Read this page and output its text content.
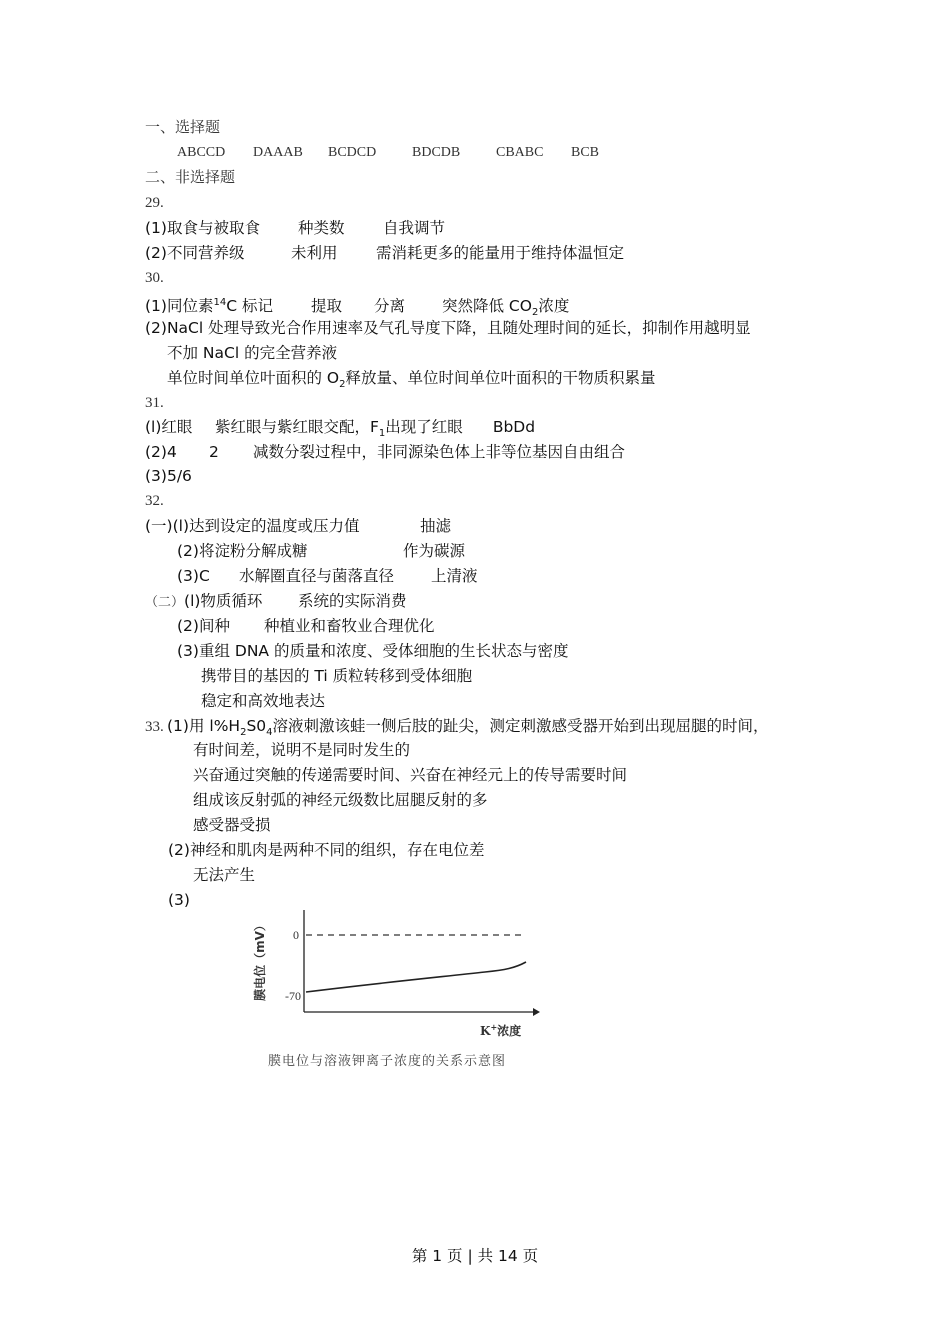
一、选择题
ABCCD DAAAB BCDCD	BDCDB	CBABC BCB
二、非选择题
29.
(1)取食与被取食 种类数 自我调节
(2)不同营养级	未利用 需消耗更多的能量用于维持体温恒定
30.
(1)同位素$^{14}$C 标记 提取 分离 突然降低 $CO_2$浓度
(2)NaCl 处理导致光合作用速率及气孔导度下降，且随处理时间的延长，抑制作用越明显
不加 NaCl 的完全营养液
单位时间单位叶面积的 $O_2$释放量、单位时间单位叶面积的干物质积累量
31.
(l)红眼 紫红眼与紫红眼交配，$F_1$出现了红眼 BbDd
(2)4 2 减数分裂过程中，非同源染色体上非等位基因自由组合
(3)5/6
32.
(一)(l)达到设定的温度或压力值	抽滤
(2)将淀粉分解成糖	作为碳源
(3)C 水解圈直径与菌落直径 上清液
（二）(l)物质循环 系统的实际消费
(2)间种 种植业和畜牧业合理优化
(3)重组 DNA 的质量和浓度、受体细胞的生长状态与密度
携带目的基因的 Ti 质粒转移到受体细胞
稳定和高效地表达
33. (1)用 $l\%H_2S0_4$溶液刺激该蛙一侧后肢的趾尖，测定刺激感受器开始到出现屈腿的时间，
有时间差，说明不是同时发生的
兴奋通过突触的传递需要时间、兴奋在神经元上的传导需要时间
组成该反射弧的神经元级数比屈腿反射的多
感受器受损
(2)神经和肌肉是两种不同的组织，存在电位差
无法产生
(3)
0
-70
膜电位（mV）
K+浓度
膜电位与溶液钾离子浓度的关系示意图
第 1 页 | 共 14 页
